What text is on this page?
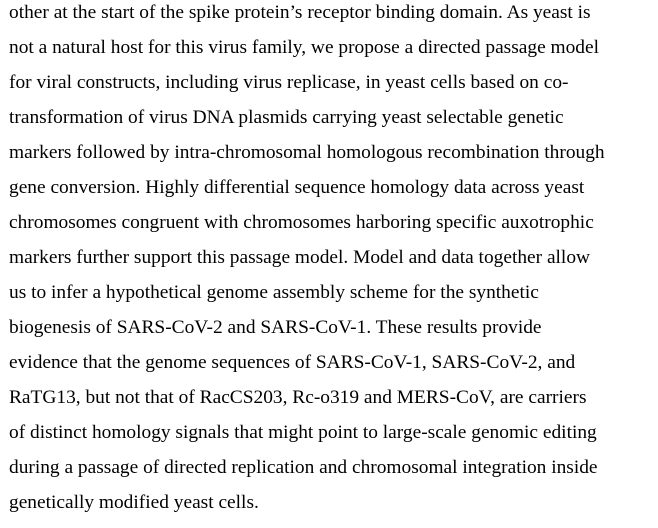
other at the start of the spike protein’s receptor binding domain. As yeast is
not a natural host for this virus family, we propose a directed passage model
for viral constructs, including virus replicase, in yeast cells based on co-
transformation of virus DNA plasmids carrying yeast selectable genetic
markers followed by intra-chromosomal homologous recombination through
gene conversion. Highly differential sequence homology data across yeast
chromosomes congruent with chromosomes harboring specific auxotrophic
markers further support this passage model. Model and data together allow
us to infer a hypothetical genome assembly scheme for the synthetic
biogenesis of SARS-CoV-2 and SARS-CoV-1. These results provide
evidence that the genome sequences of SARS-CoV-1, SARS-CoV-2, and
RaTG13, but not that of RacCS203, Rc-o319 and MERS-CoV, are carriers
of distinct homology signals that might point to large-scale genomic editing
during a passage of directed replication and chromosomal integration inside
genetically modified yeast cells.
